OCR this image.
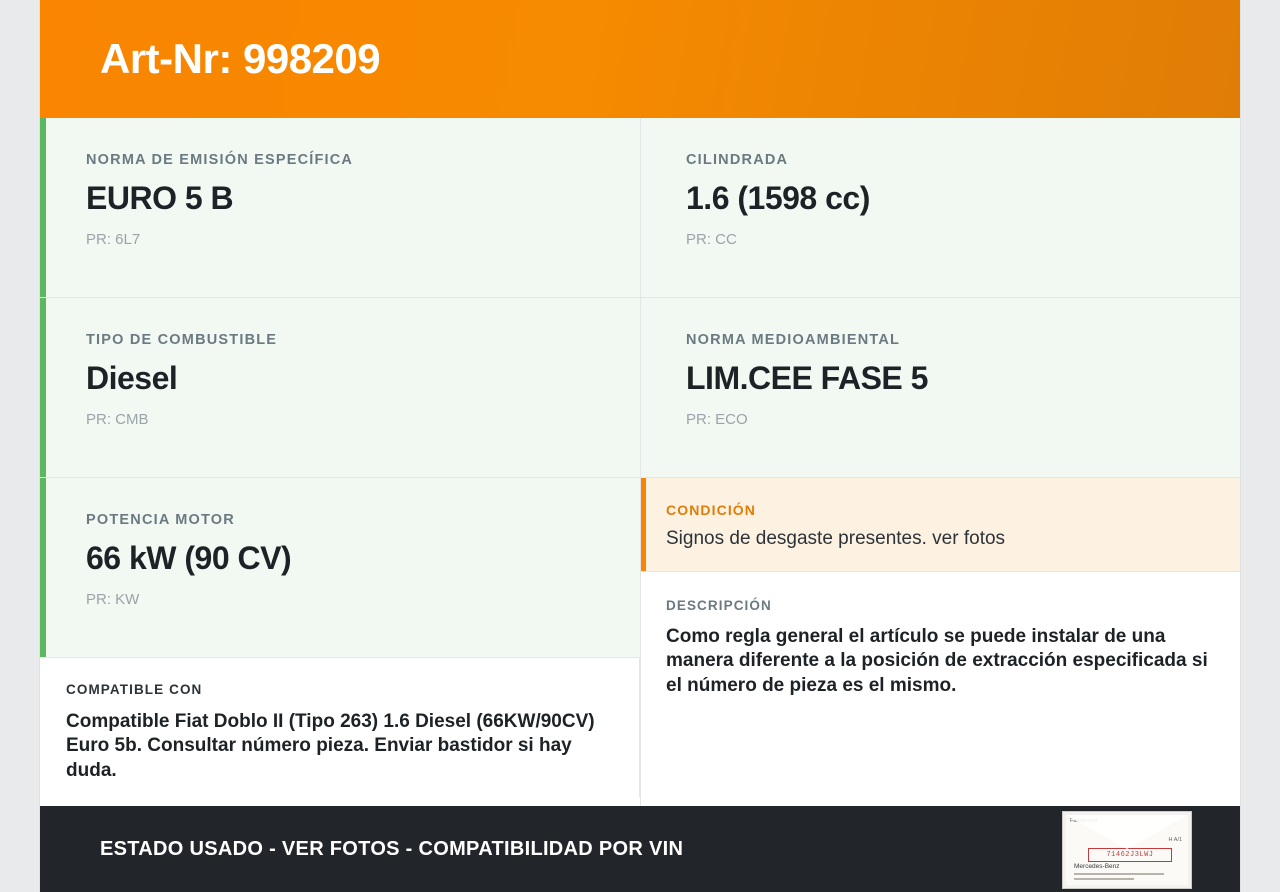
Art-Nr: 998209
NORMA DE EMISIÓN ESPECÍFICA
EURO 5 B
PR: 6L7
TIPO DE COMBUSTIBLE
Diesel
PR: CMB
POTENCIA MOTOR
66 kW (90 CV)
PR: KW
COMPATIBLE CON
Compatible Fiat Doblo II (Tipo 263) 1.6 Diesel (66KW/90CV) Euro 5b. Consultar número pieza. Enviar bastidor si hay duda.
CILINDRADA
1.6 (1598 cc)
PR: CC
NORMA MEDIOAMBIENTAL
LIM.CEE FASE 5
PR: ECO
CONDICIÓN
Signos de desgaste presentes. ver fotos
DESCRIPCIÓN
Como regla general el artículo se puede instalar de una manera diferente a la posición de extracción especificada si el número de pieza es el mismo.
ESTADO USADO - VER FOTOS - COMPATIBILIDAD POR VIN
Fahrgestell
H A/1
71462J3LWJ
Mercedes-Benz
